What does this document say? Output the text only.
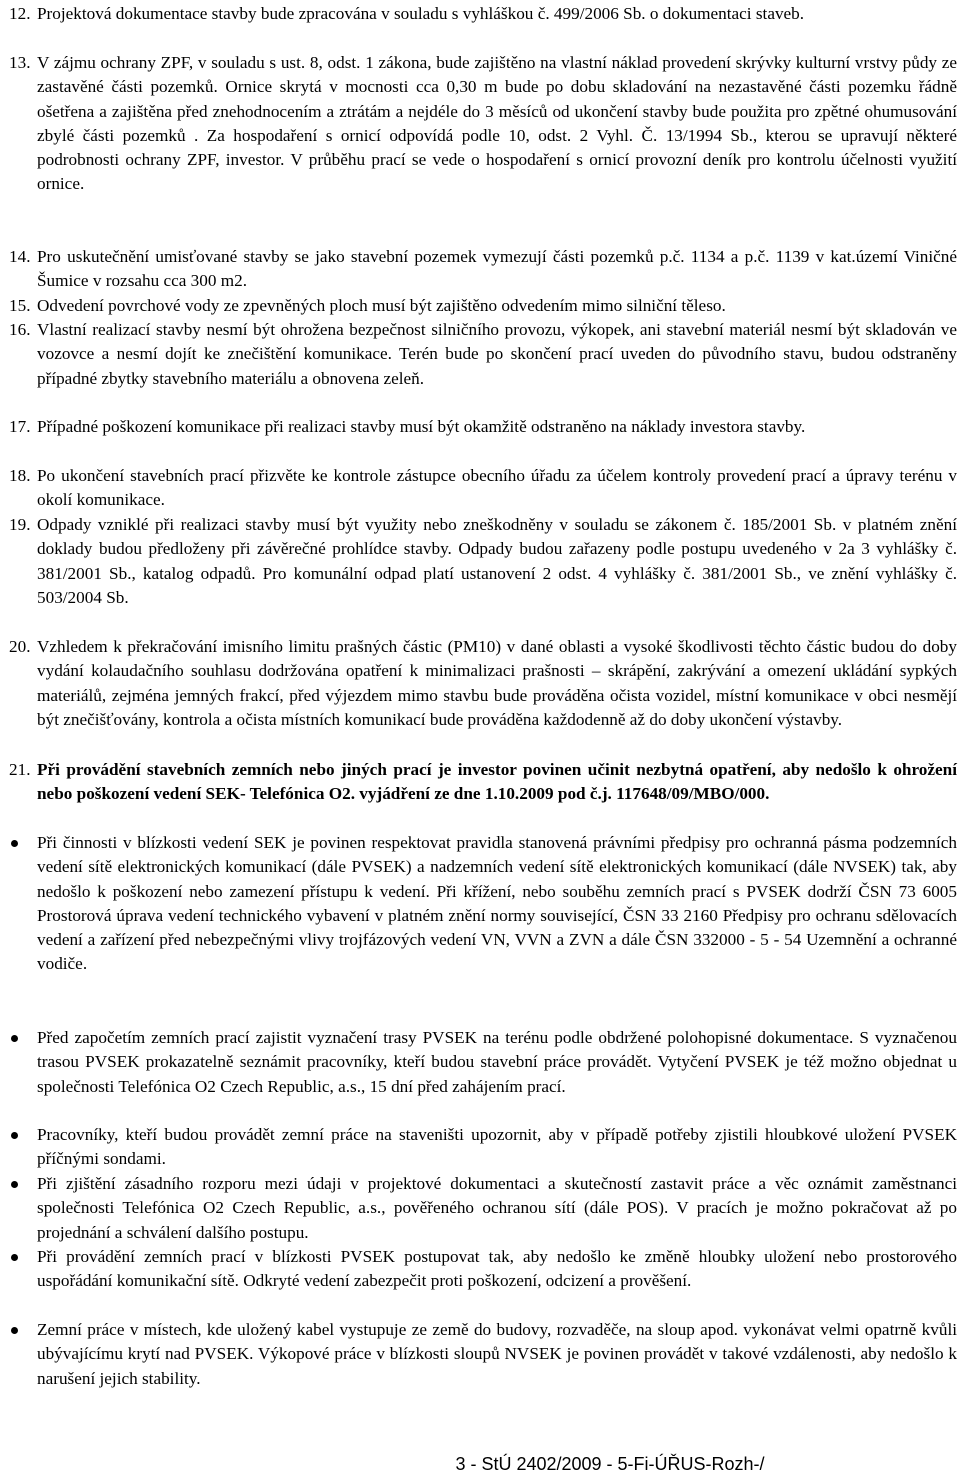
12. Projektová dokumentace stavby bude zpracována v souladu s vyhláškou č. 499/2006 Sb. o dokumentaci staveb.
13. V zájmu ochrany ZPF, v souladu s ust. 8, odst. 1 zákona, bude zajištěno na vlastní náklad provedení skrývky kulturní vrstvy půdy ze zastavěné části pozemků. Ornice skrytá v mocnosti cca 0,30 m bude po dobu skladování na nezastavěné části pozemku řádně ošetřena a zajištěna před znehodnocením a ztrátám a nejdéle do 3 měsíců od ukončení stavby bude použita pro zpětné ohumusování zbylé části pozemků . Za hospodaření s ornicí odpovídá podle 10, odst. 2 Vyhl. Č. 13/1994 Sb., kterou se upravují některé podrobnosti ochrany ZPF, investor. V průběhu prací se vede o hospodaření s ornicí provozní deník pro kontrolu účelnosti využití ornice.
14. Pro uskutečnění umisťované stavby se jako stavební pozemek vymezují části pozemků p.č. 1134 a p.č. 1139 v kat.území Viničné Šumice v rozsahu cca 300 m2.
15. Odvedení povrchové vody ze zpevněných ploch musí být zajištěno odvedením mimo silniční těleso.
16. Vlastní realizací stavby nesmí být ohrožena bezpečnost silničního provozu, výkopek, ani stavební materiál nesmí být skladován ve vozovce a nesmí dojít ke znečištění komunikace. Terén bude po skončení prací uveden do původního stavu, budou odstraněny případné zbytky stavebního materiálu a obnovena zeleň.
17. Případné poškození komunikace při realizaci stavby musí být okamžitě odstraněno na náklady investora stavby.
18. Po ukončení stavebních prací přizvěte ke kontrole zástupce obecního úřadu za účelem kontroly provedení prací a úpravy terénu v okolí komunikace.
19. Odpady vzniklé při realizaci stavby musí být využity nebo zneškodněny v souladu se zákonem č. 185/2001 Sb. v platném znění doklady budou předloženy při závěrečné prohlídce stavby. Odpady budou zařazeny podle postupu uvedeného v 2a 3 vyhlášky č. 381/2001 Sb., katalog odpadů. Pro komunální odpad platí ustanovení 2 odst. 4 vyhlášky č. 381/2001 Sb., ve znění vyhlášky č. 503/2004 Sb.
20. Vzhledem k překračování imisního limitu prašných částic (PM10) v dané oblasti a vysoké škodlivosti těchto částic budou do doby vydání kolaudačního souhlasu dodržována opatření k minimalizaci prašnosti – skrápění, zakrývání a omezení ukládání sypkých materiálů, zejména jemných frakcí, před výjezdem mimo stavbu bude prováděna očista vozidel, místní komunikace v obci nesmějí být znečišťovány, kontrola a očista místních komunikací bude prováděna každodenně až do doby ukončení výstavby.
21. Při provádění stavebních zemních nebo jiných prací je investor povinen učinit nezbytná opatření, aby nedošlo k ohrožení nebo poškození vedení SEK- Telefónica O2. vyjádření ze dne 1.10.2009 pod č.j. 117648/09/MBO/000.
Při činnosti v blízkosti vedení SEK je povinen respektovat pravidla stanovená právními předpisy pro ochranná pásma podzemních vedení sítě elektronických komunikací (dále PVSEK) a nadzemních vedení sítě elektronických komunikací (dále NVSEK) tak, aby nedošlo k poškození nebo zamezení přístupu k vedení. Při křížení, nebo souběhu zemních prací s PVSEK dodrží ČSN 73 6005 Prostorová úprava vedení technického vybavení v platném znění normy související, ČSN 33 2160 Předpisy pro ochranu sdělovacích vedení a zařízení před nebezpečnými vlivy trojfázových vedení VN, VVN a ZVN a dále ČSN 332000 - 5 - 54 Uzemnění a ochranné vodiče.
Před započetím zemních prací zajistit vyznačení trasy PVSEK na terénu podle obdržené polohopisné dokumentace. S vyznačenou trasou PVSEK prokazatelně seznámit pracovníky, kteří budou stavební práce provádět. Vytyčení PVSEK je též možno objednat u společnosti Telefónica O2 Czech Republic, a.s., 15 dní před zahájením prací.
Pracovníky, kteří budou provádět zemní práce na staveništi upozornit, aby v případě potřeby zjistili hloubkové uložení PVSEK příčnými sondami.
Při zjištění zásadního rozporu mezi údaji v projektové dokumentaci a skutečností zastavit práce a věc oznámit zaměstnanci společnosti Telefónica O2 Czech Republic, a.s., pověřeného ochranou sítí (dále POS). V pracích je možno pokračovat až po projednání a schválení dalšího postupu.
Při provádění zemních prací v blízkosti PVSEK postupovat tak, aby nedošlo ke změně hloubky uložení nebo prostorového uspořádání komunikační sítě. Odkryté vedení zabezpečit proti poškození, odcizení a prověšení.
Zemní práce v místech, kde uložený kabel vystupuje ze země do budovy, rozvaděče, na sloup apod. vykonávat velmi opatrně kvůli ubývajícímu krytí nad PVSEK. Výkopové práce v blízkosti sloupů NVSEK je povinen provádět v takové vzdálenosti, aby nedošlo k narušení jejich stability.
3 - StÚ 2402/2009 - 5-Fi-ÚŘUS-Rozh-/
